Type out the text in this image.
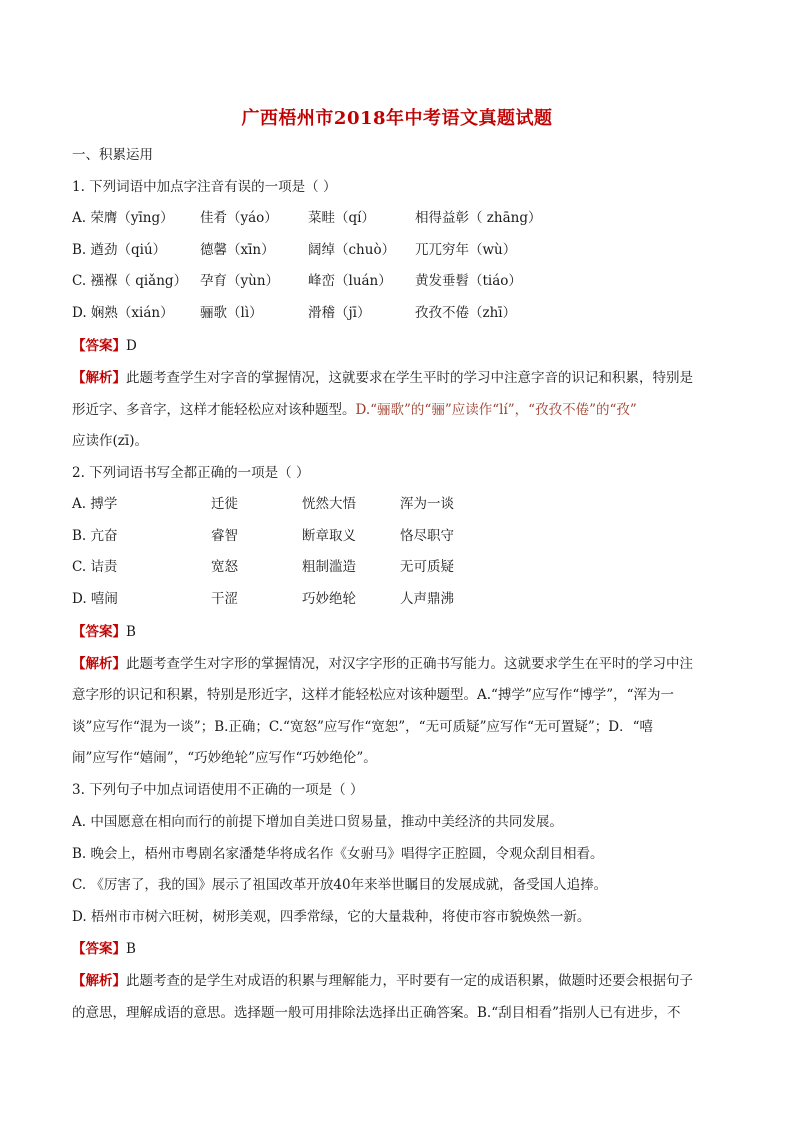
广西梧州市2018年中考语文真题试题
一、积累运用
1. 下列词语中加点字注音有误的一项是（ ）
A. 荣膺（yīng） 佳肴（yáo） 菜畦（qí）	相得益彰（ zhāng）
B. 遒劲（qiú）	德馨（xīn） 阔绰（chuò） 兀兀穷年（wù）
C. 襁褓（ qiǎng） 孕育（yùn） 峰峦（luán） 黄发垂髫（tiáo）
D. 娴熟（xián） 骊歌（lì）	滑稽（jī）	孜孜不倦（zhī）
【答案】D
【解析】此题考查学生对字音的掌握情况，这就要求在学生平时的学习中注意字音的识记和积累，特别是
形近字、多音字，这样才能轻松应对该种题型。D.“骊歌”的“骊”应读作“lí”，“孜孜不倦”的“孜”
应读作(zī)。
2. 下列词语书写全都正确的一项是（ ）
A. 搏学	迁徙	恍然大悟	浑为一谈
B. 亢奋	睿智	断章取义	恪尽职守
C. 诘责	宽怒	粗制滥造	无可质疑
D. 嘻闹	干涩	巧妙绝轮	人声鼎沸
【答案】B
【解析】此题考查学生对字形的掌握情况，对汉字字形的正确书写能力。这就要求学生在平时的学习中注
意字形的识记和积累，特别是形近字，这样才能轻松应对该种题型。A.“搏学”应写作“博学”，“浑为一
谈”应写作“混为一谈”；B.正确；C.“宽怒”应写作“宽恕”，“无可质疑”应写作“无可置疑”；D．“嘻
闹”应写作“嬉闹”，“巧妙绝轮”应写作“巧妙绝伦”。
3. 下列句子中加点词语使用不正确的一项是（ ）
A. 中国愿意在相向而行的前提下增加自美进口贸易量，推动中美经济的共同发展。
B. 晚会上，梧州市粤剧名家潘楚华将成名作《女驸马》唱得字正腔圆，令观众刮目相看。
C. 《厉害了，我的国》展示了祖国改革开放40年来举世瞩目的发展成就，备受国人追捧。
D. 梧州市市树六旺树，树形美观，四季常绿，它的大量栽种，将使市容市貌焕然一新。
【答案】B
【解析】此题考查的是学生对成语的积累与理解能力，平时要有一定的成语积累，做题时还要会根据句子
的意思，理解成语的意思。选择题一般可用排除法选择出正确答案。B.“刮目相看”指别人已有进步，不
